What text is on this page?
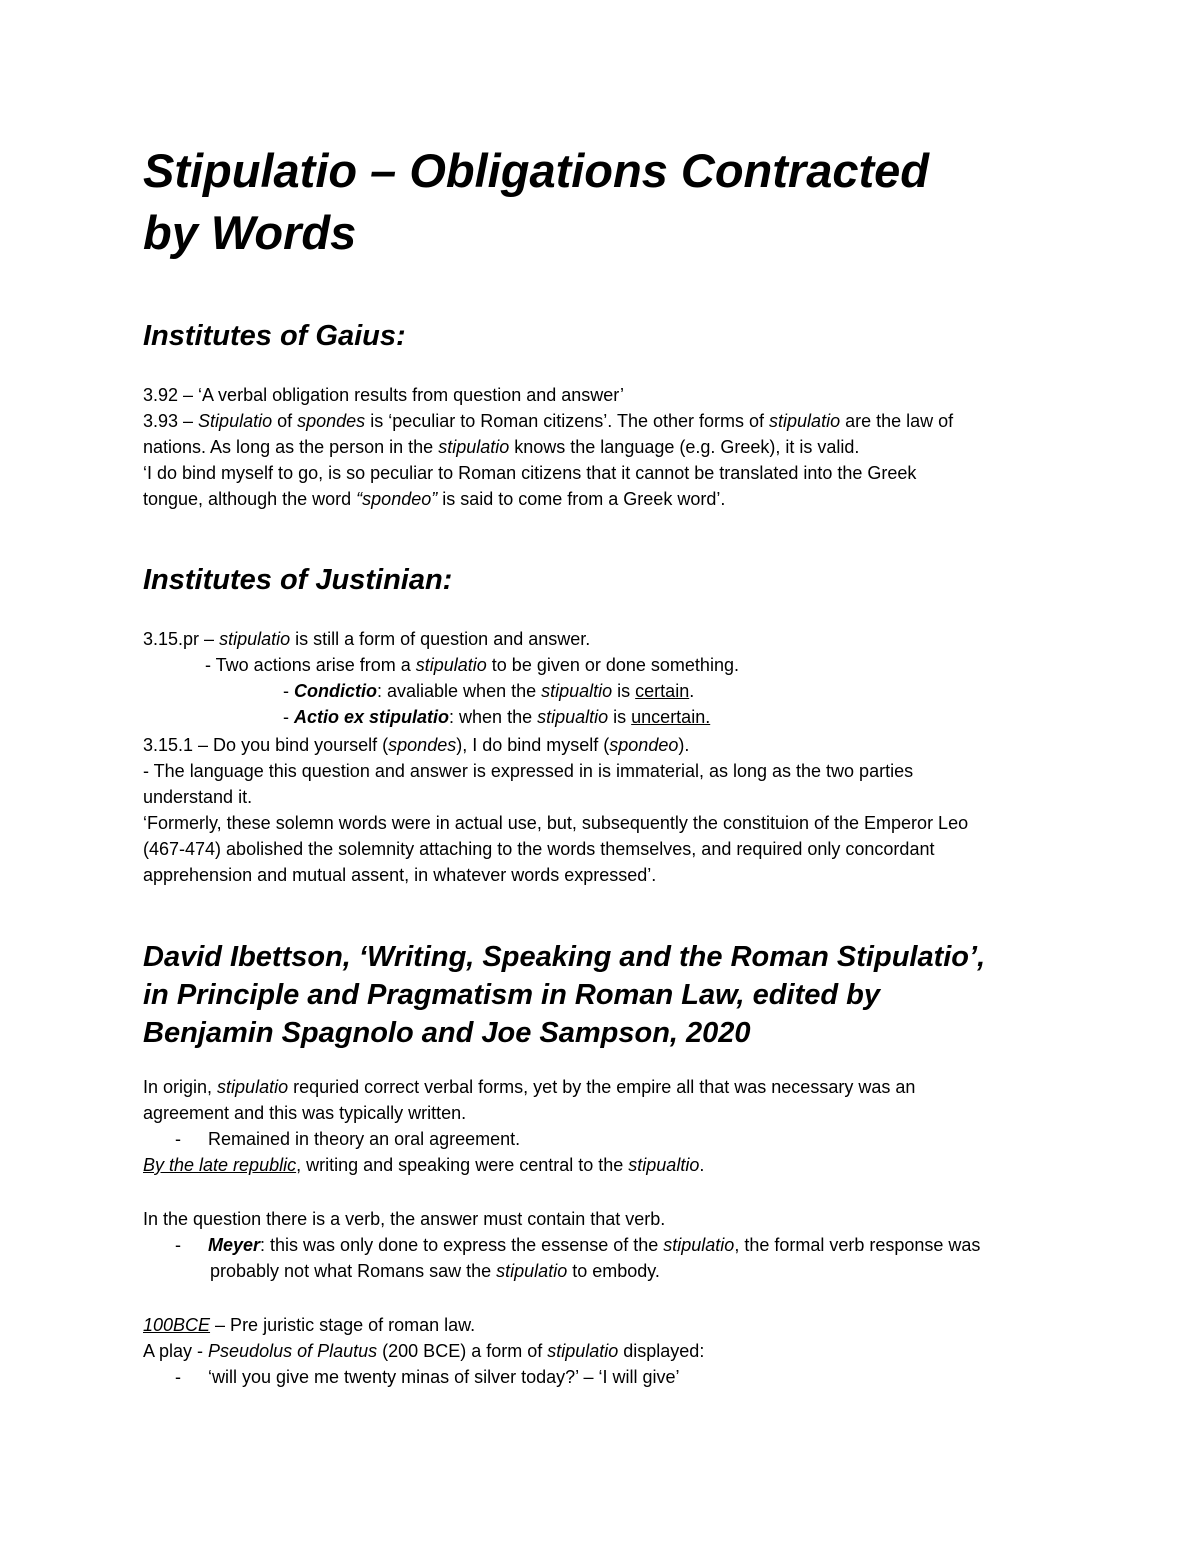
Stipulatio – Obligations Contracted
by Words
Institutes of Gaius:

3.92 – ‘A verbal obligation results from question and answer’

3.93 – Stipulatio of spondes is ‘peculiar to Roman citizens’. The other forms of stipulatio are the law of

nations. As long as the person in the stipulatio knows the language (e.g. Greek), it is valid.

‘I do bind myself to go, is so peculiar to Roman citizens that it cannot be translated into the Greek

tongue, although the word “spondeo” is said to come from a Greek word’.

Institutes of Justinian:

3.15.pr – stipulatio is still a form of question and answer.

- Two actions arise from a stipulatio to be given or done something.

- Condictio: avaliable when the stipualtio is certain.

- Actio ex stipulatio: when the stipualtio is uncertain.

3.15.1 – Do you bind yourself (spondes), I do bind myself (spondeo).

- The language this question and answer is expressed in is immaterial, as long as the two parties

understand it.

‘Formerly, these solemn words were in actual use, but, subsequently the constituion of the Emperor Leo

(467-474) abolished the solemnity attaching to the words themselves, and required only concordant

apprehension and mutual assent, in whatever words expressed’.

David Ibettson, ‘Writing, Speaking and the Roman Stipulatio’,
in Principle and Pragmatism in Roman Law, edited by
Benjamin Spagnolo and Joe Sampson, 2020

In origin, stipulatio requried correct verbal forms, yet by the empire all that was necessary was an

agreement and this was typically written.

- Remained in theory an oral agreement.

By the late republic, writing and speaking were central to the stipualtio.

In the question there is a verb, the answer must contain that verb.

- Meyer: this was only done to express the essense of the stipulatio, the formal verb response was

probably not what Romans saw the stipulatio to embody.

100BCE – Pre juristic stage of roman law.

A play - Pseudolus of Plautus (200 BCE) a form of stipulatio displayed:

- ‘will you give me twenty minas of silver today?’ – ‘I will give’
